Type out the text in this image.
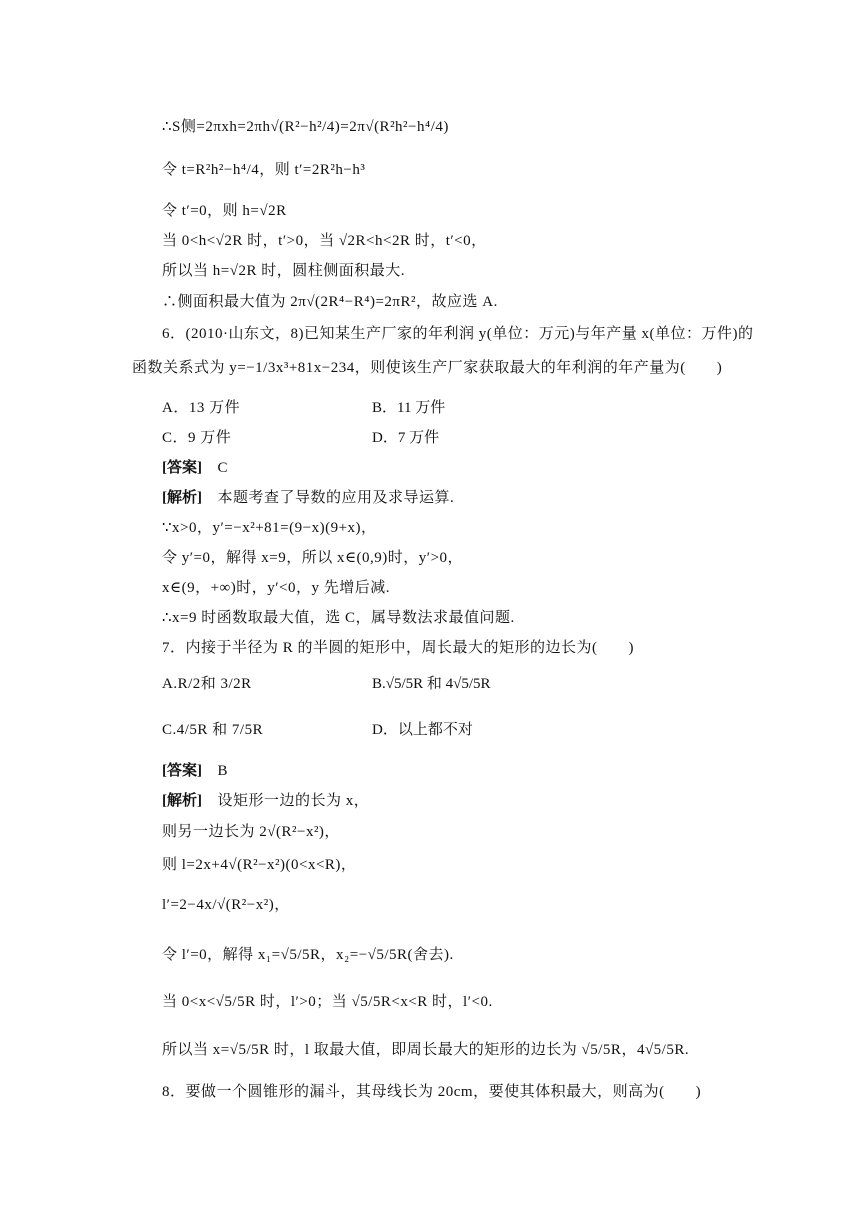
∴S侧=2πxh=2πh√(R²−h²/4)=2π√(R²h²−h⁴/4)
令 t=R²h²−h⁴/4，则 t′=2R²h−h³
令 t′=0，则 h=√2R
当 0<h<√2R 时，t′>0，当 √2R<h<2R 时，t′<0，
所以当 h=√2R 时，圆柱侧面积最大.
∴侧面积最大值为 2π√(2R⁴−R⁴)=2πR²，故应选 A.
6．(2010·山东文，8)已知某生产厂家的年利润 y(单位：万元)与年产量 x(单位：万件)的
函数关系式为 y=−1/3x³+81x−234，则使该生产厂家获取最大的年利润的年产量为(　　)
A．13 万件	B．11 万件
C．9 万件	D．7 万件
[答案]　C
[解析]　本题考查了导数的应用及求导运算.
∵x>0，y′=−x²+81=(9−x)(9+x)，
令 y′=0，解得 x=9，所以 x∈(0,9)时，y′>0，
x∈(9，+∞)时，y′<0，y 先增后减.
∴x=9 时函数取最大值，选 C，属导数法求最值问题.
7．内接于半径为 R 的半圆的矩形中，周长最大的矩形的边长为(　　)
A.R/2和 3/2R	B.√5/5R 和 4√5/5R
C.4/5R 和 7/5R	D．以上都不对
[答案]　B
[解析]　设矩形一边的长为 x，
则另一边长为 2√(R²−x²)，
则 l=2x+4√(R²−x²)(0<x<R)，
l′=2−4x/√(R²−x²)，
令 l′=0，解得 x₁=√5/5R，x₂=−√5/5R(舍去).
当 0<x<√5/5R 时，l′>0；当 √5/5R<x<R 时，l′<0.
所以当 x=√5/5R 时，l 取最大值，即周长最大的矩形的边长为 √5/5R，4√5/5R.
8．要做一个圆锥形的漏斗，其母线长为 20cm，要使其体积最大，则高为(　　)
